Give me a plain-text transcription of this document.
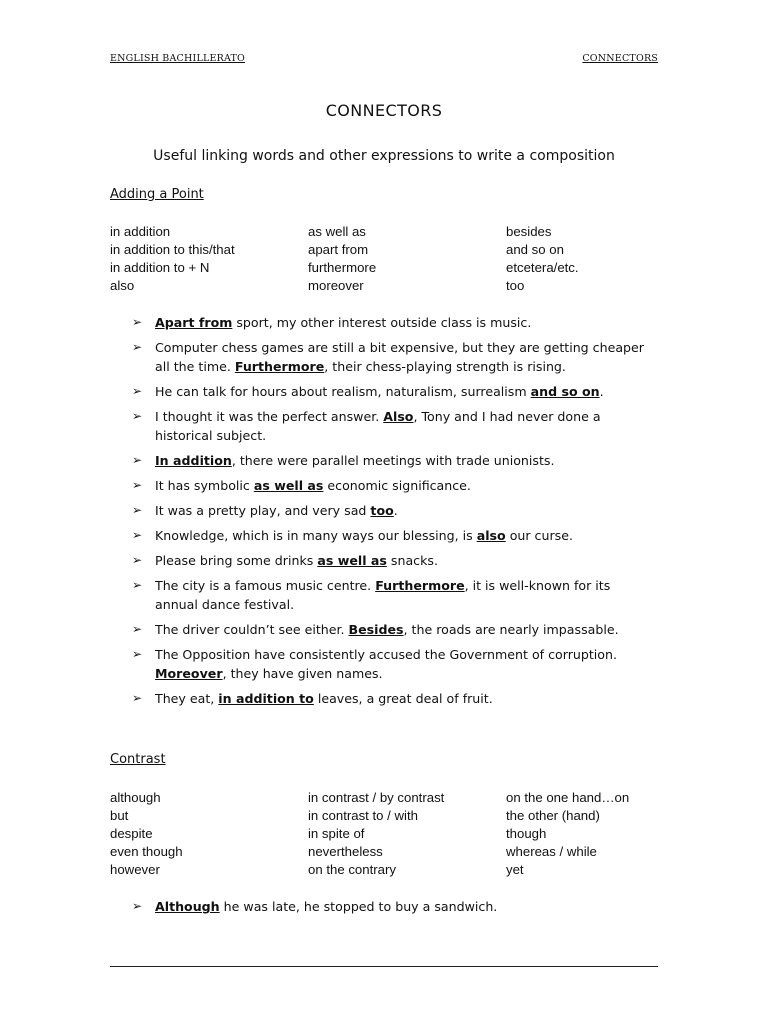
ENGLISH BACHILLERATO	CONNECTORS
CONNECTORS
Useful linking words and other expressions to write a composition
Adding a Point
in addition	as well as	besides
in addition to this/that	apart from	and so on
in addition to + N	furthermore	etcetera/etc.
also	moreover	too
➢ Apart from sport, my other interest outside class is music.
➢ Computer chess games are still a bit expensive, but they are getting cheaper all the time. Furthermore, their chess-playing strength is rising.
➢ He can talk for hours about realism, naturalism, surrealism and so on.
➢ I thought it was the perfect answer. Also, Tony and I had never done a historical subject.
➢ In addition, there were parallel meetings with trade unionists.
➢ It has symbolic as well as economic significance.
➢ It was a pretty play, and very sad too.
➢ Knowledge, which is in many ways our blessing, is also our curse.
➢ Please bring some drinks as well as snacks.
➢ The city is a famous music centre. Furthermore, it is well-known for its annual dance festival.
➢ The driver couldn’t see either. Besides, the roads are nearly impassable.
➢ The Opposition have consistently accused the Government of corruption. Moreover, they have given names.
➢ They eat, in addition to leaves, a great deal of fruit.
Contrast
although	in contrast / by contrast	on the one hand…on
but	in contrast to / with	the other (hand)
despite	in spite of	though
even though	nevertheless	whereas / while
however	on the contrary	yet
➢ Although he was late, he stopped to buy a sandwich.
